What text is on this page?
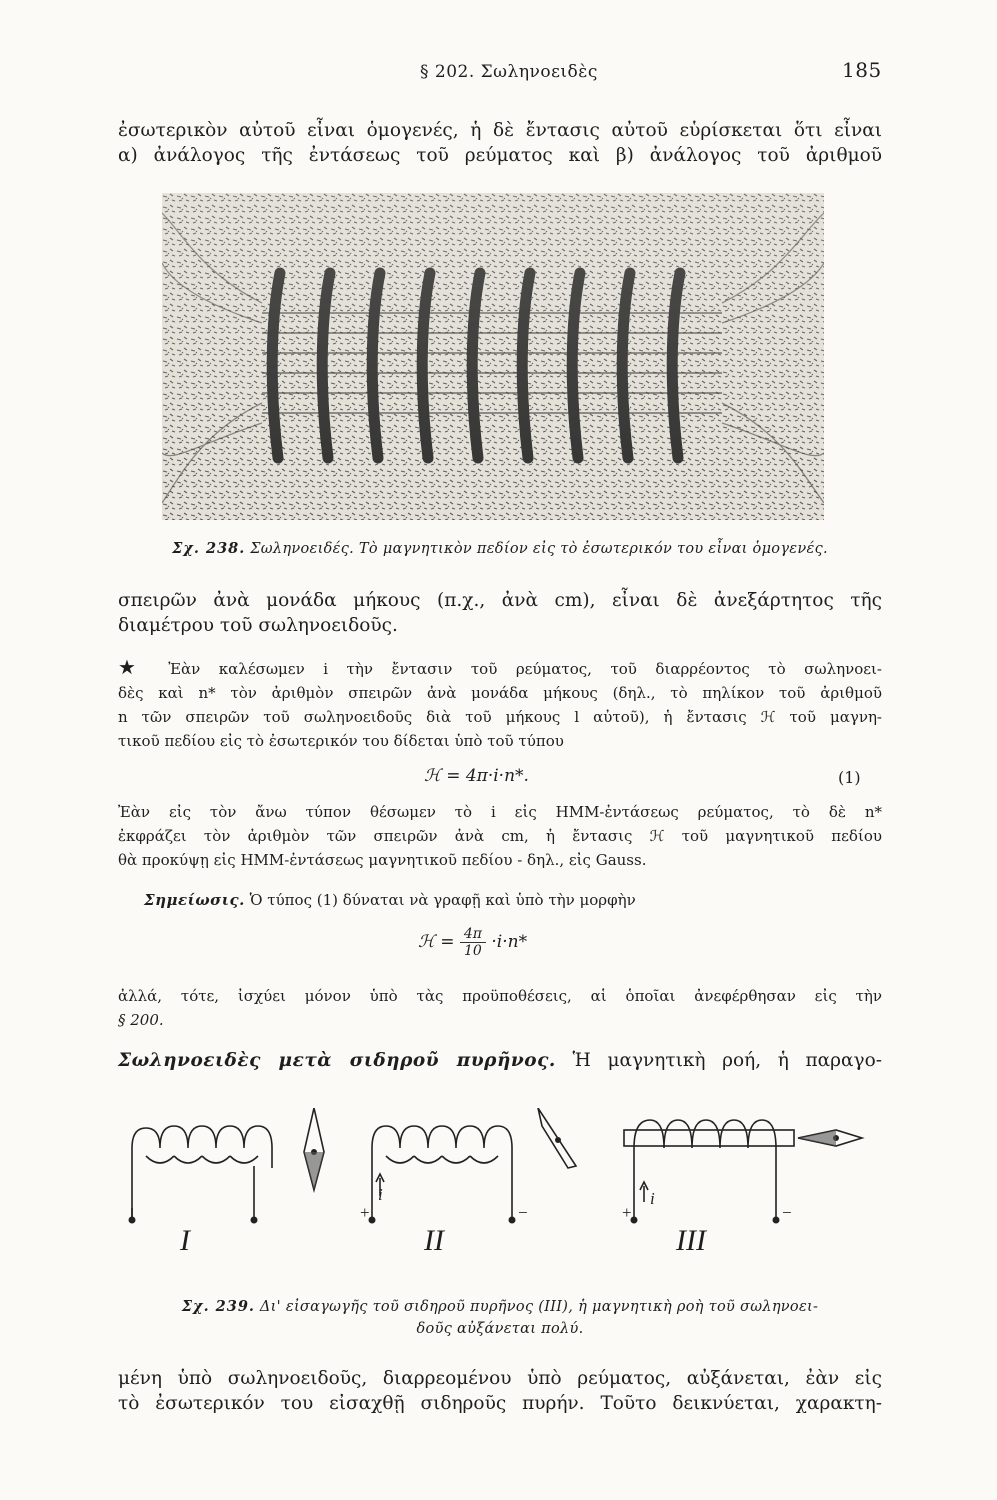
§ 202. Σωληνοειδὲς	185

ἐσωτερικὸν αὐτοῦ εἶναι ὁμογενές, ἡ δὲ ἔντασις αὐτοῦ εὑρίσκεται ὅτι εἶναι
α) ἀνάλογος τῆς ἐντάσεως τοῦ ρεύματος καὶ β) ἀνάλογος τοῦ ἀριθμοῦ

Σχ. 238. Σωληνοειδές. Τὸ μαγνητικὸν πεδίον εἰς τὸ ἐσωτερικόν του εἶναι ὁμογενές.

σπειρῶν ἀνὰ μονάδα μήκους (π.χ., ἀνὰ cm), εἶναι δὲ ἀνεξάρτητος τῆς
διαμέτρου τοῦ σωληνοειδοῦς.

★ Ἐὰν καλέσωμεν i τὴν ἔντασιν τοῦ ρεύματος, τοῦ διαρρέοντος τὸ σωληνοει-
δὲς καὶ n* τὸν ἀριθμὸν σπειρῶν ἀνὰ μονάδα μήκους (δηλ., τὸ πηλίκον τοῦ ἀριθμοῦ
n τῶν σπειρῶν τοῦ σωληνοειδοῦς διὰ τοῦ μήκους l αὐτοῦ), ἡ ἔντασις ℋ τοῦ μαγνη-
τικοῦ πεδίου εἰς τὸ ἐσωτερικόν του δίδεται ὑπὸ τοῦ τύπου

ℋ = 4π·i·n*.	(1)

Ἐὰν εἰς τὸν ἄνω τύπον θέσωμεν τὸ i εἰς HMM-ἐντάσεως ρεύματος, τὸ δὲ n*
ἐκφράζει τὸν ἀριθμὸν τῶν σπειρῶν ἀνὰ cm, ἡ ἔντασις ℋ τοῦ μαγνητικοῦ πεδίου
θὰ προκύψῃ εἰς HMM-ἐντάσεως μαγνητικοῦ πεδίου - δηλ., εἰς Gauss.

Σημείωσις. Ὁ τύπος (1) δύναται νὰ γραφῇ καὶ ὑπὸ τὴν μορφὴν

ℋ = $\frac{4\pi}{10} \cdot i\cdot n*$

ἀλλά, τότε, ἰσχύει μόνον ὑπὸ τὰς προϋποθέσεις, αἱ ὁποῖαι ἀνεφέρθησαν εἰς τὴν
§ 200.

Σωληνοειδὲς μετὰ σιδηροῦ πυρῆνος. Ἡ μαγνητικὴ ροή, ἡ παραγο-

i	i
+	−	+	−
I	II	III
Σχ. 239. Δι' εἰσαγωγῆς τοῦ σιδηροῦ πυρῆνος (III), ἡ μαγνητικὴ ροὴ τοῦ σωληνοει-
δοῦς αὐξάνεται πολύ.

μένη ὑπὸ σωληνοειδοῦς, διαρρεομένου ὑπὸ ρεύματος, αὐξάνεται, ἐὰν εἰς
τὸ ἐσωτερικόν του εἰσαχθῇ σιδηροῦς πυρήν. Τοῦτο δεικνύεται, χαρακτη-
